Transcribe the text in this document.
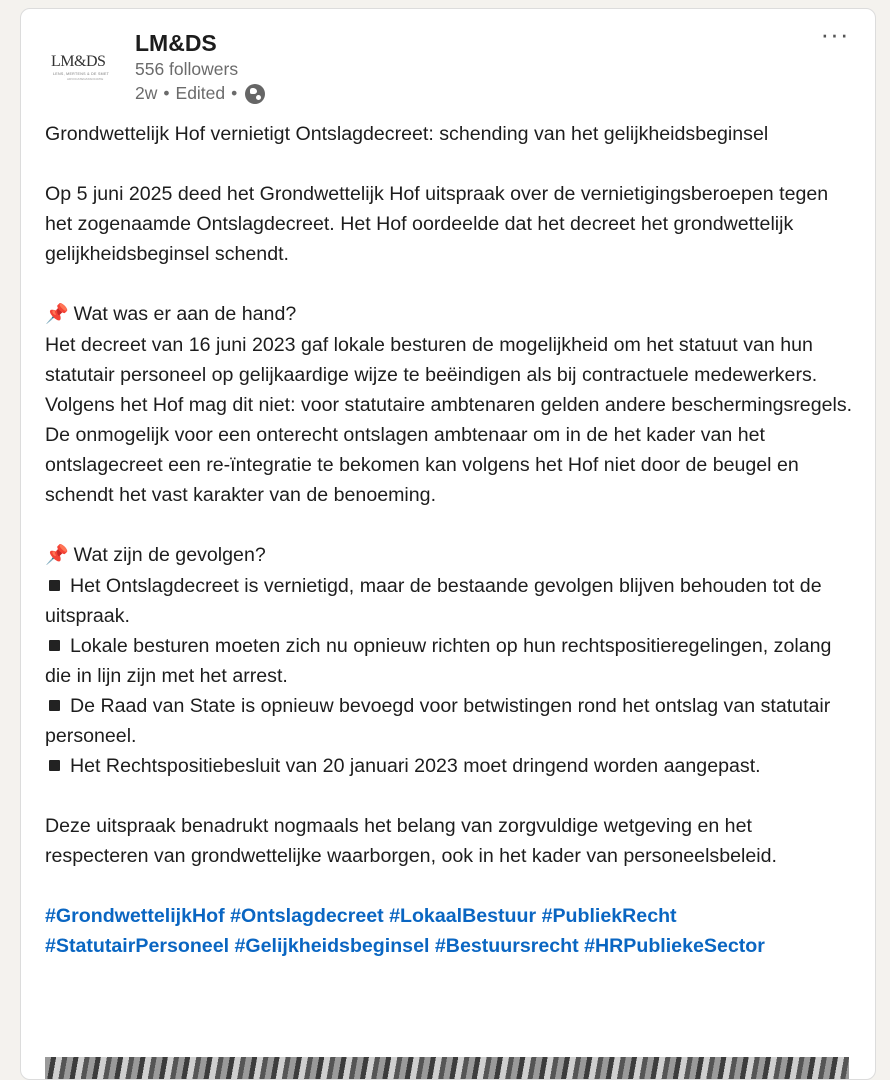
LM&DS
LENS, MERTENS & DE SMET
ADVOCATENASSOCIATIE
LM&DS
556 followers
2w • Edited •
···

Grondwettelijk Hof vernietigt Ontslagdecreet: schending van het gelijkheidsbeginsel

Op 5 juni 2025 deed het Grondwettelijk Hof uitspraak over de vernietigingsberoepen tegen het zogenaamde Ontslagdecreet. Het Hof oordeelde dat het decreet het grondwettelijk gelijkheidsbeginsel schendt.

📌 Wat was er aan de hand?

Het decreet van 16 juni 2023 gaf lokale besturen de mogelijkheid om het statuut van hun statutair personeel op gelijkaardige wijze te beëindigen als bij contractuele medewerkers. Volgens het Hof mag dit niet: voor statutaire ambtenaren gelden andere beschermingsregels.

De onmogelijk voor een onterecht ontslagen ambtenaar om in de het kader van het ontslagecreet een re-ïntegratie te bekomen kan volgens het Hof niet door de beugel en schendt het vast karakter van de benoeming.

📌 Wat zijn de gevolgen?

Het Ontslagdecreet is vernietigd, maar de bestaande gevolgen blijven behouden tot de uitspraak.

Lokale besturen moeten zich nu opnieuw richten op hun rechtspositieregelingen, zolang die in lijn zijn met het arrest.

De Raad van State is opnieuw bevoegd voor betwistingen rond het ontslag van statutair personeel.

Het Rechtspositiebesluit van 20 januari 2023 moet dringend worden aangepast.

Deze uitspraak benadrukt nogmaals het belang van zorgvuldige wetgeving en het respecteren van grondwettelijke waarborgen, ook in het kader van personeelsbeleid.

#GrondwettelijkHof #Ontslagdecreet #LokaalBestuur #PubliekRecht #StatutairPersoneel #Gelijkheidsbeginsel #Bestuursrecht #HRPubliekeSector
